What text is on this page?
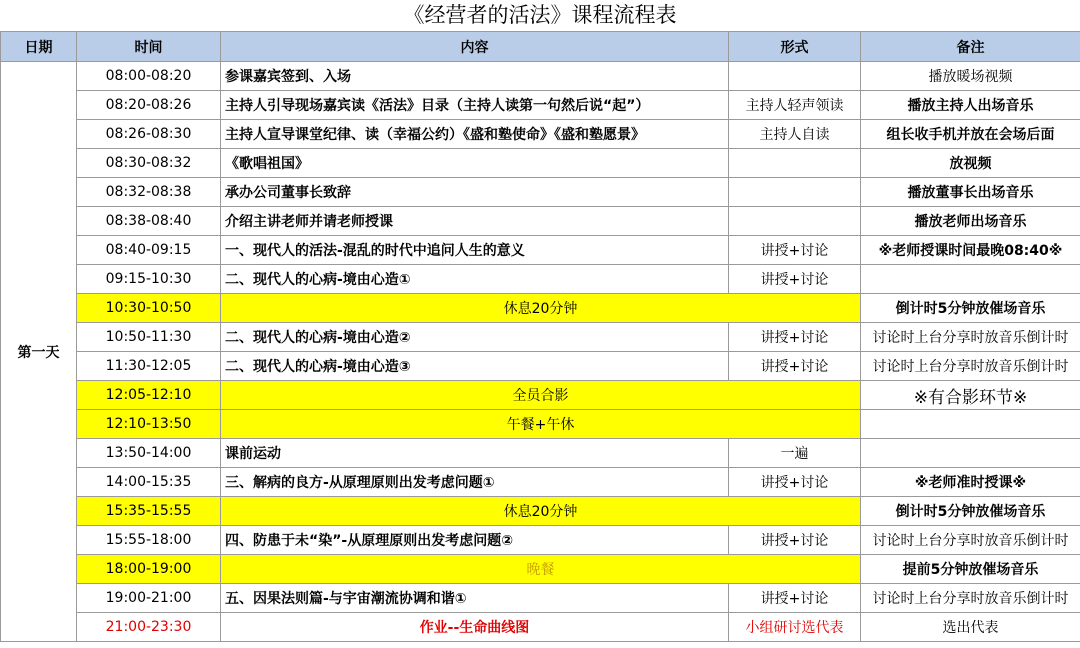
《经营者的活法》课程流程表
日期	时间	内容	形式	备注
第一天	08:00-08:20	参课嘉宾签到、入场		播放暖场视频
	08:20-08:26	主持人引导现场嘉宾读《活法》目录（主持人读第一句然后说“起”）	主持人轻声领读	播放主持人出场音乐
	08:26-08:30	主持人宣导课堂纪律、读（幸福公约）《盛和塾使命》《盛和塾愿景》	主持人自读	组长收手机并放在会场后面
	08:30-08:32	《歌唱祖国》		放视频
	08:32-08:38	承办公司董事长致辞		播放董事长出场音乐
	08:38-08:40	介绍主讲老师并请老师授课		播放老师出场音乐
	08:40-09:15	一、现代人的活法-混乱的时代中追问人生的意义	讲授+讨论	※老师授课时间最晚08:40※
	09:15-10:30	二、现代人的心病-境由心造①	讲授+讨论	
	10:30-10:50	休息20分钟		倒计时5分钟放催场音乐
	10:50-11:30	二、现代人的心病-境由心造②	讲授+讨论	讨论时上台分享时放音乐倒计时
	11:30-12:05	二、现代人的心病-境由心造③	讲授+讨论	讨论时上台分享时放音乐倒计时
	12:05-12:10	全员合影		※有合影环节※
	12:10-13:50	午餐+午休		
	13:50-14:00	课前运动	一遍	
	14:00-15:35	三、解病的良方-从原理原则出发考虑问题①	讲授+讨论	※老师准时授课※
	15:35-15:55	休息20分钟		倒计时5分钟放催场音乐
	15:55-18:00	四、防患于未“染”-从原理原则出发考虑问题②	讲授+讨论	讨论时上台分享时放音乐倒计时
	18:00-19:00	晚餐		提前5分钟放催场音乐
	19:00-21:00	五、因果法则篇-与宇宙潮流协调和谐①	讲授+讨论	讨论时上台分享时放音乐倒计时
	21:00-23:30	作业--生命曲线图	小组研讨选代表	选出代表
